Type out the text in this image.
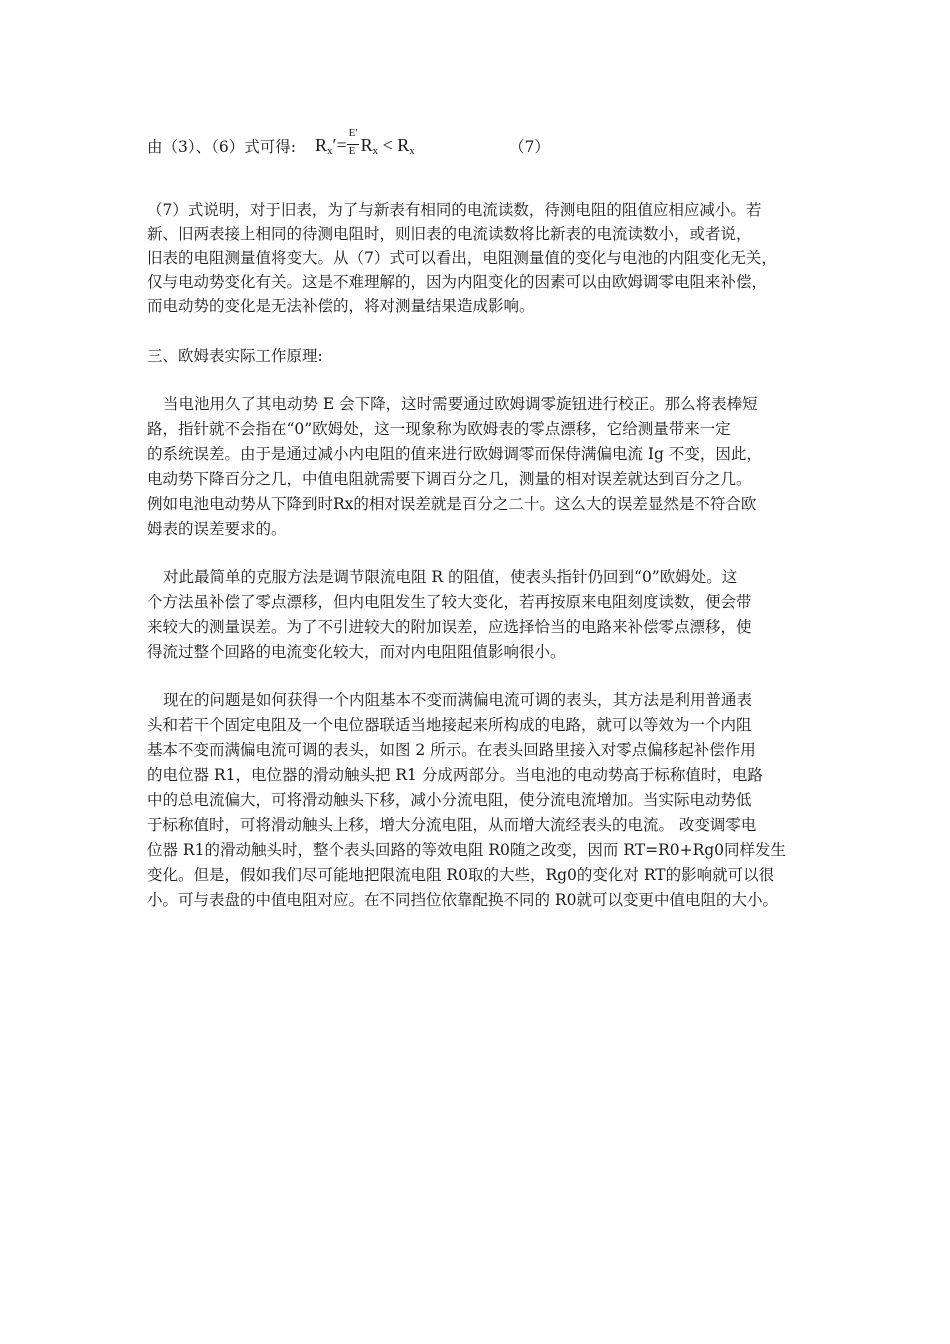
由（3）、（6）式可得: $R_x'= \frac{E'}{E} R_x < R_x$	（7）
（7）式说明，对于旧表，为了与新表有相同的电流读数，待测电阻的阻值应相应减小。若
新、旧两表接上相同的待测电阻时，则旧表的电流读数将比新表的电流读数小，或者说，
旧表的电阻测量值将变大。从（7）式可以看出，电阻测量值的变化与电池的内阻变化无关，
仅与电动势变化有关。这是不难理解的，因为内阻变化的因素可以由欧姆调零电阻来补偿，
而电动势的变化是无法补偿的，将对测量结果造成影响。
三、欧姆表实际工作原理:
当电池用久了其电动势 E 会下降，这时需要通过欧姆调零旋钮进行校正。那么将表棒短
路，指针就不会指在“0”欧姆处，这一现象称为欧姆表的零点漂移，它给测量带来一定
的系统误差。由于是通过减小内电阻的值来进行欧姆调零而保侍满偏电流 Ig 不变，因此，
电动势下降百分之几，中值电阻就需要下调百分之几，测量的相对误差就达到百分之几。
例如电池电动势从下降到时Rx的相对误差就是百分之二十。这么大的误差显然是不符合欧
姆表的误差要求的。
对此最简单的克服方法是调节限流电阻 R 的阻值，使表头指针仍回到“0”欧姆处。这
个方法虽补偿了零点漂移，但内电阻发生了较大变化，若再按原来电阻刻度读数，便会带
来较大的测量误差。为了不引进较大的附加误差，应选择恰当的电路来补偿零点漂移，使
得流过整个回路的电流变化较大，而对内电阻阻值影响很小。
现在的问题是如何获得一个内阻基本不变而满偏电流可调的表头，其方法是利用普通表
头和若干个固定电阻及一个电位器联适当地接起来所构成的电路，就可以等效为一个内阻
基本不变而满偏电流可调的表头，如图 2 所示。在表头回路里接入对零点偏移起补偿作用
的电位器 R1，电位器的滑动触头把 R1 分成两部分。当电池的电动势高于标称值时，电路
中的总电流偏大，可将滑动触头下移，减小分流电阻，使分流电流增加。当实际电动势低
于标称值时，可将滑动触头上移，增大分流电阻，从而增大流经表头的电流。 改变调零电
位器 R1的滑动触头时，整个表头回路的等效电阻 R0随之改变，因而 RT=R0+Rg0同样发生
变化。但是，假如我们尽可能地把限流电阻 R0取的大些，Rg0的变化对 RT的影响就可以很
小。可与表盘的中值电阻对应。在不同挡位依靠配换不同的 R0就可以变更中值电阻的大小。
